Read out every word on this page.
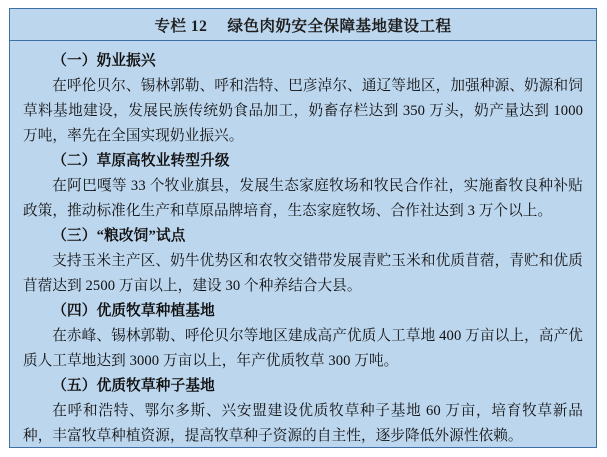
专栏 12 绿色肉奶安全保障基地建设工程
（一）奶业振兴
在呼伦贝尔、锡林郭勒、呼和浩特、巴彦淖尔、通辽等地区，加强种源、奶源和饲草料基地建设，发展民族传统奶食品加工，奶畜存栏达到 350 万头，奶产量达到 1000 万吨，率先在全国实现奶业振兴。
（二）草原高牧业转型升级
在阿巴嘎等 33 个牧业旗县，发展生态家庭牧场和牧民合作社，实施畜牧良种补贴政策，推动标准化生产和草原品牌培育，生态家庭牧场、合作社达到 3 万个以上。
（三）“粮改饲”试点
支持玉米主产区、奶牛优势区和农牧交错带发展青贮玉米和优质苜蓿，青贮和优质苜蓿达到 2500 万亩以上，建设 30 个种养结合大县。
（四）优质牧草种植基地
在赤峰、锡林郭勒、呼伦贝尔等地区建成高产优质人工草地 400 万亩以上，高产优质人工草地达到 3000 万亩以上，年产优质牧草 300 万吨。
（五）优质牧草种子基地
在呼和浩特、鄂尔多斯、兴安盟建设优质牧草种子基地 60 万亩，培育牧草新品种，丰富牧草种植资源，提高牧草种子资源的自主性，逐步降低外源性依赖。
